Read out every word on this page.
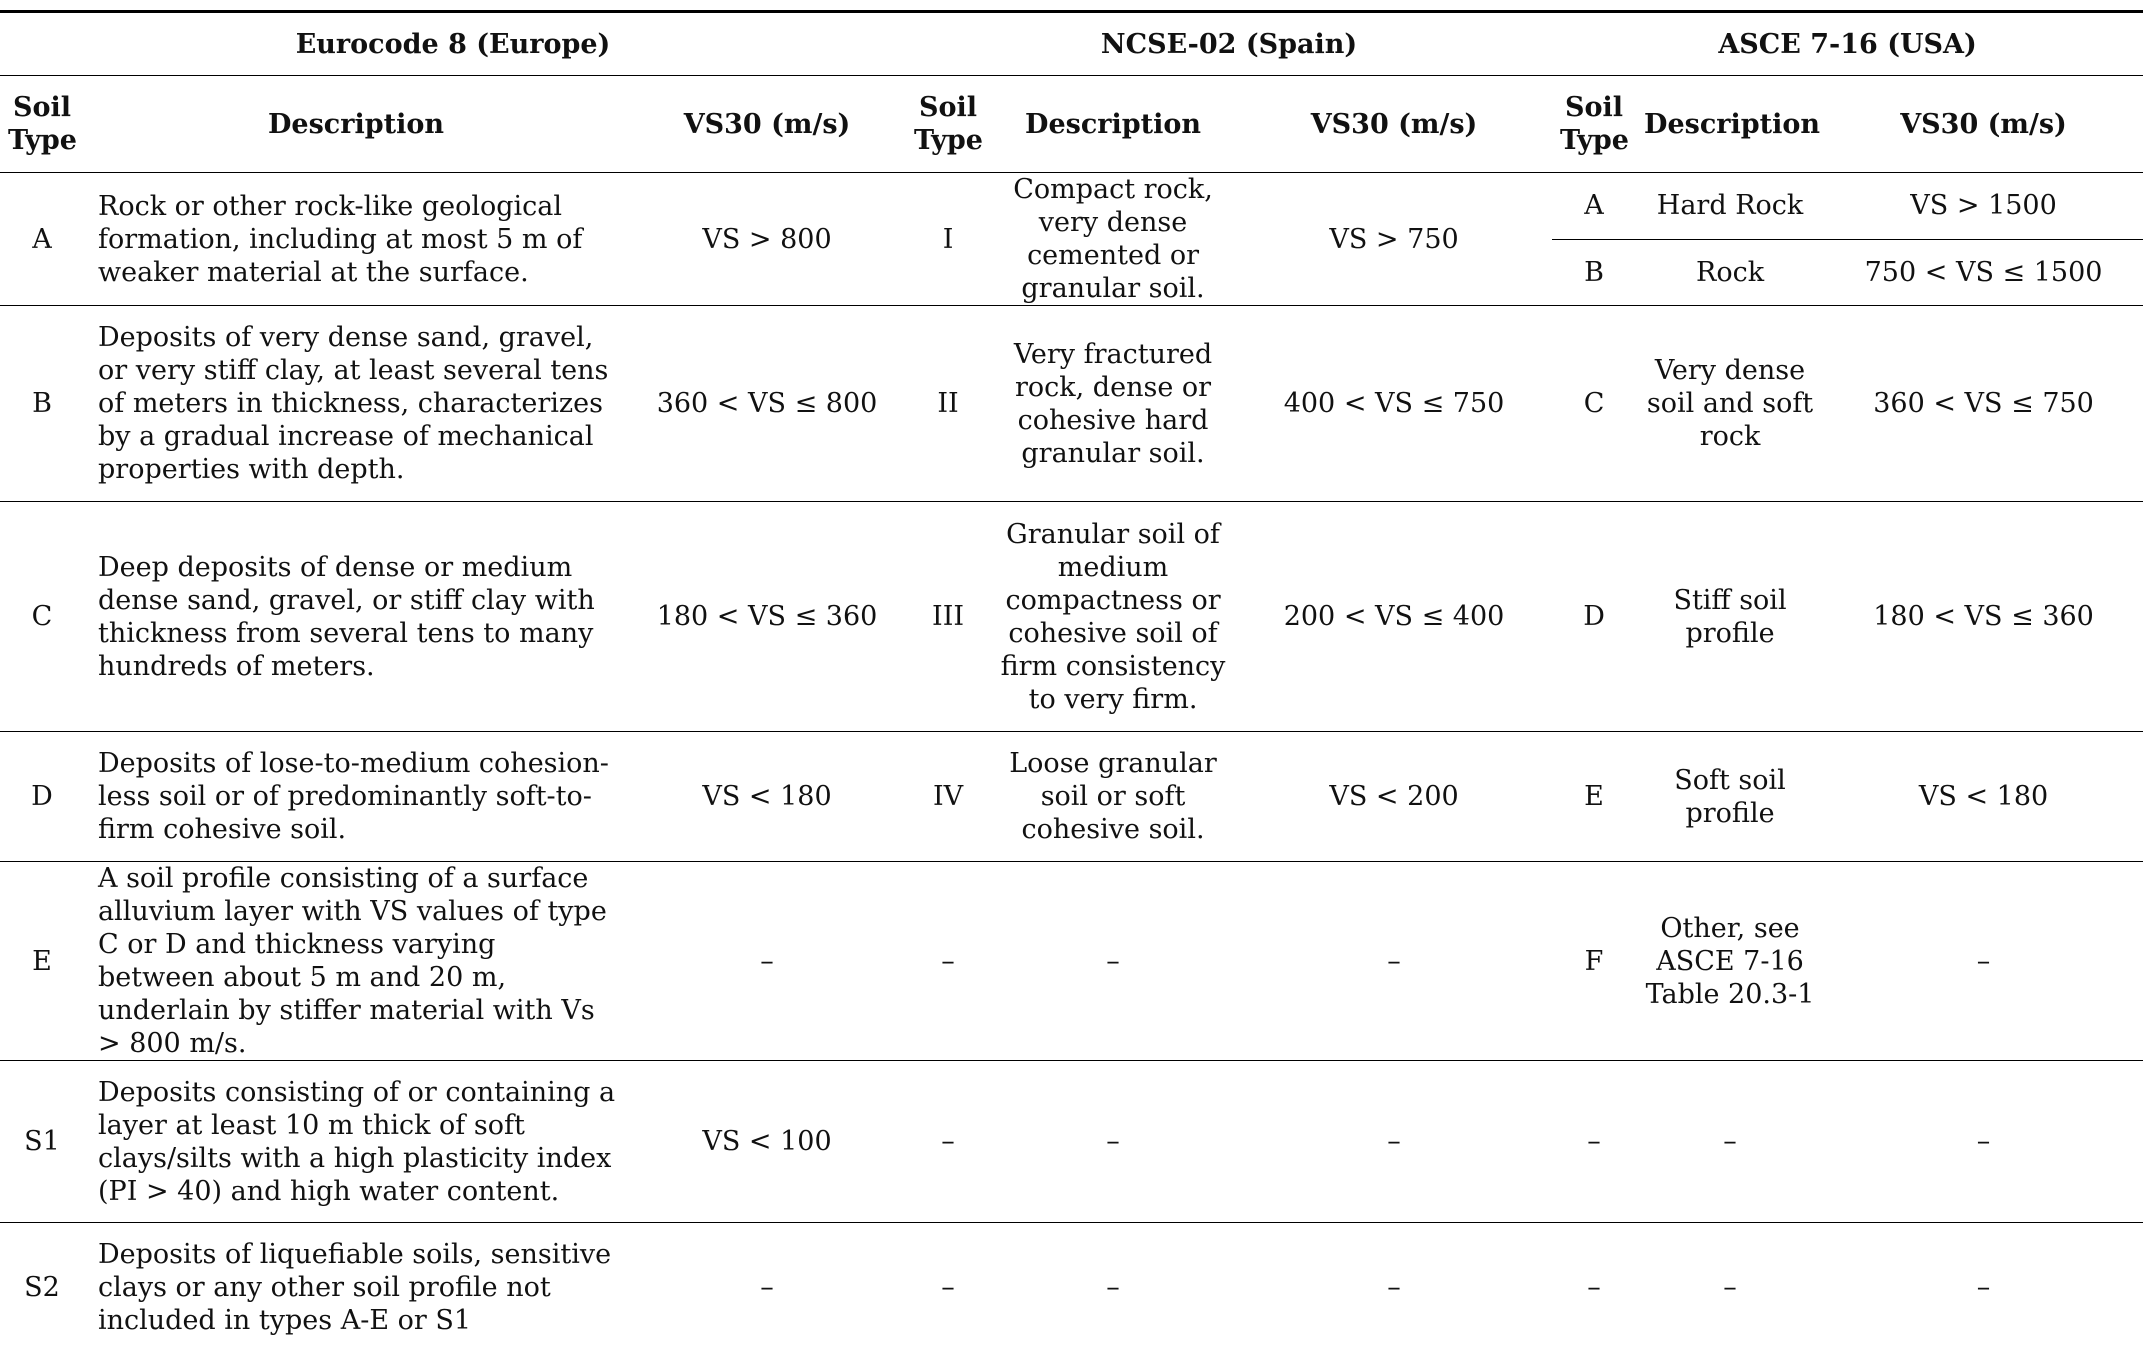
Eurocode 8 (Europe)			NCSE-02 (Spain)			ASCE 7-16 (USA)		
Soil Type	Description	VS30 (m/s)	Soil Type	Description	VS30 (m/s)	Soil Type	Description	VS30 (m/s)
A	Rock or other rock-like geological formation, including at most 5 m of weaker material at the surface.	VS > 800	I	Compact rock, very dense cemented or granular soil.	VS > 750	A	Hard Rock	VS > 1500
						B	Rock	750 < VS ≤ 1500
B	Deposits of very dense sand, gravel, or very stiff clay, at least several tens of meters in thickness, characterizes by a gradual increase of mechanical properties with depth.	360 < VS ≤ 800	II	Very fractured rock, dense or cohesive hard granular soil.	400 < VS ≤ 750	C	Very dense soil and soft rock	360 < VS ≤ 750
C	Deep deposits of dense or medium dense sand, gravel, or stiff clay with thickness from several tens to many hundreds of meters.	180 < VS ≤ 360	III	Granular soil of medium compactness or cohesive soil of firm consistency to very firm.	200 < VS ≤ 400	D	Stiff soil profile	180 < VS ≤ 360
D	Deposits of lose-to-medium cohesion-less soil or of predominantly soft-to-firm cohesive soil.	VS < 180	IV	Loose granular soil or soft cohesive soil.	VS < 200	E	Soft soil profile	VS < 180
E	A soil profile consisting of a surface alluvium layer with VS values of type C or D and thickness varying between about 5 m and 20 m, underlain by stiffer material with Vs > 800 m/s.	–	–	–	–	F	Other, see ASCE 7-16 Table 20.3-1	–
S1	Deposits consisting of or containing a layer at least 10 m thick of soft clays/silts with a high plasticity index (PI > 40) and high water content.	VS < 100	–	–	–	–	–	–
S2	Deposits of liquefiable soils, sensitive clays or any other soil profile not included in types A-E or S1	–	–	–	–	–	–	–
